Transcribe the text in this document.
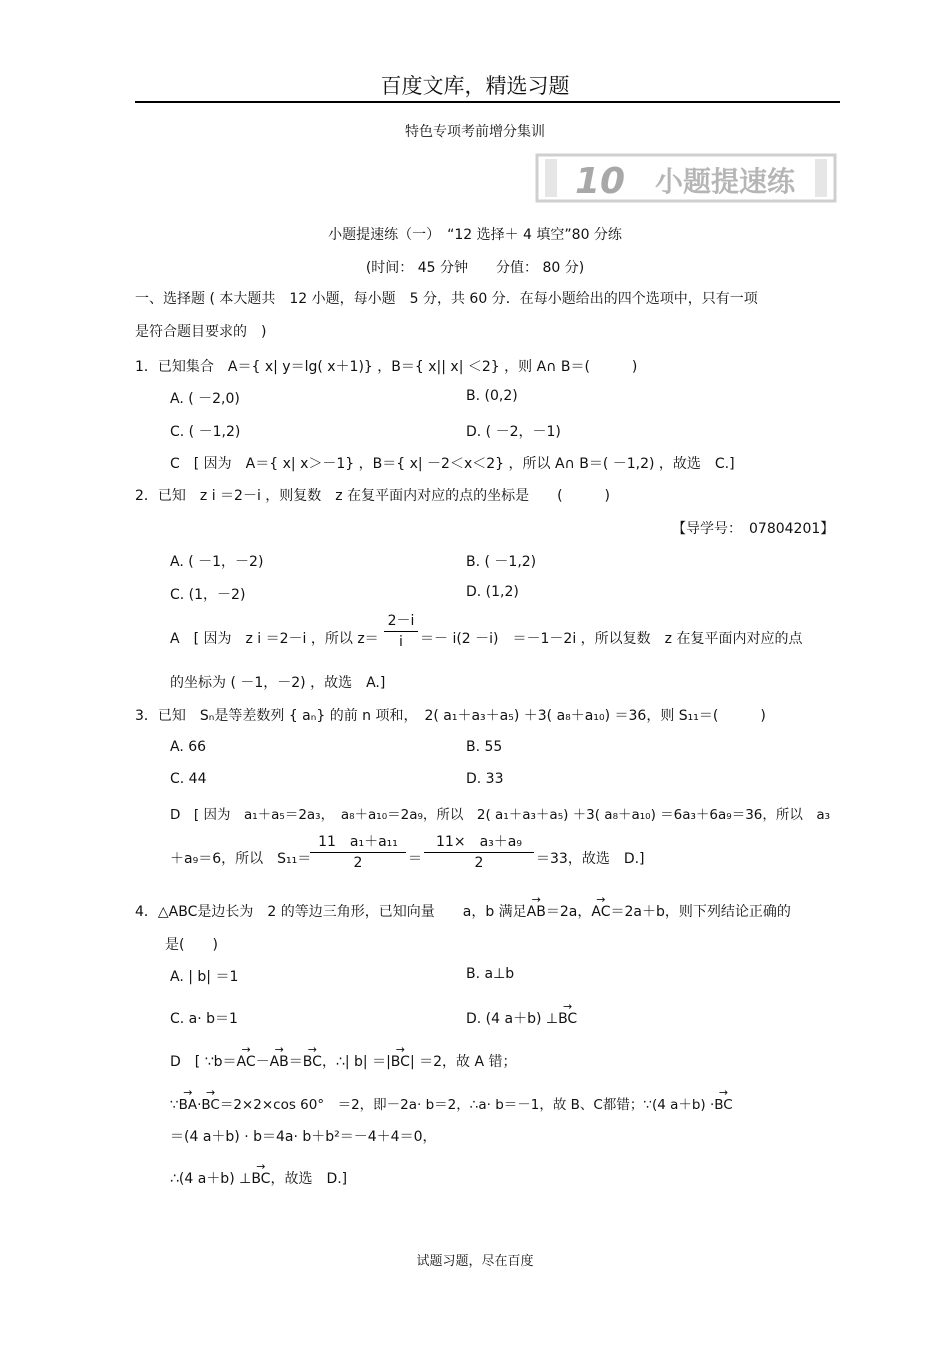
百度文库，精选习题
特色专项考前增分集训
10 小题提速练
小题提速练（一）　“12 选择＋ 4 填空”80 分练
(时间： 45 分钟　　分值： 80 分)
一、选择题 ( 本大题共　12 小题，每小题　5 分，共 60 分．在每小题给出的四个选项中，只有一项
是符合题目要求的　)
1．已知集合　A＝{ x| y＝lg( x＋1)} ，B＝{ x|| x| ＜2} ，则 A∩ B＝(　　　)
A. ( －2,0)	B. (0,2)
C. ( －1,2)	D. ( －2，－1)
C　[ 因为　A＝{ x| x＞－1} ，B＝{ x| －2＜x＜2} ，所以 A∩ B＝( －1,2) ，故选　C.]
2．已知　z i ＝2－i ，则复数　z 在复平面内对应的点的坐标是　　(　　　)
【导学号：　07804201】
A. ( －1，－2)	B. ( －1,2)
C. (1，－2)	D. (1,2)
A　[ 因为　z i ＝2－i ，所以 z＝
2－i
i	＝－ i(2 －i)　＝－1－2i ，所以复数　z 在复平面内对应的点
的坐标为 ( －1，－2) ，故选　A.]
3．已知　Sₙ是等差数列 { aₙ} 的前 n 项和，　2( a₁＋a₃＋a₅) ＋3( a₈＋a₁₀) ＝36，则 S₁₁＝(　　　)
A. 66	B. 55
C. 44	D. 33
D　[ 因为　a₁＋a₅＝2a₃，　a₈＋a₁₀＝2a₉，所以　2( a₁＋a₃＋a₅) ＋3( a₈＋a₁₀) ＝6a₃＋6a₉＝36，所以　a₃
＋a₉＝6，所以　S₁₁＝
11　a₁＋a₁₁
2	＝
11×　a₃＋a₉
2	＝33，故选　D.]
4．△ABC是边长为　2 的等边三角形，已知向量　　a，b 满足→ AB＝2a，→ AC＝2a＋b，则下列结论正确的
是(　　)
A. | b| ＝1	B. a⊥b
C. a· b＝1	D. (4 a＋b) ⊥→ BC
D　[ ∵b＝→ AC－→ AB＝→ BC，∴| b| ＝|→ BC| ＝2，故 A 错；
∵→ BA·→ BC＝2×2×cos 60°　＝2，即－2a· b＝2，∴a· b＝－1，故 B、C都错；∵(4 a＋b) ·→ BC
＝(4 a＋b) · b＝4a· b＋b²＝－4＋4＝0，
∴(4 a＋b) ⊥→ BC，故选　D.]
试题习题，尽在百度
